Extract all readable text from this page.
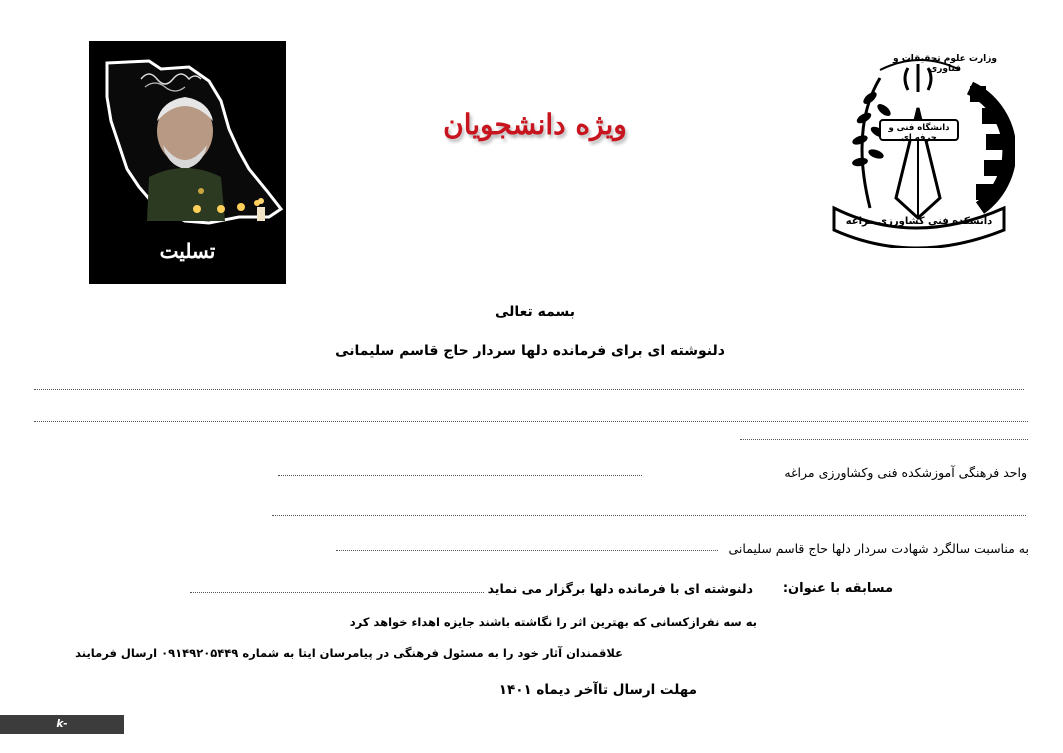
تسلیت
ویژه دانشجویان
وزارت علوم تحقیقات و فناوری
دانشگاه فنی و حرفه ای
دانشکده فنی کشاورزی مراغه
بسمه تعالی
دلنوشته ای برای فرمانده دلها سردار حاج قاسم سلیمانی
واحد فرهنگی آموزشکده فنی وکشاورزی مراغه
به مناسبت سالگرد شهادت سردار دلها حاج قاسم سلیمانی
مسابقه با عنوان:
دلنوشته ای با فرمانده دلها برگزار می نماید
به سه نفرازکسانی که بهترین اثر را نگاشته باشند جایزه اهداء خواهد کرد
علاقمندان آثار خود را به مسئول فرهنگی در پیامرسان ایتا به شماره ۰۹۱۴۹۲۰۵۴۴۹ ارسال فرمایند
مهلت ارسال تاآخر دیماه ۱۴۰۱
k-maragheh.nus.ac.ir
